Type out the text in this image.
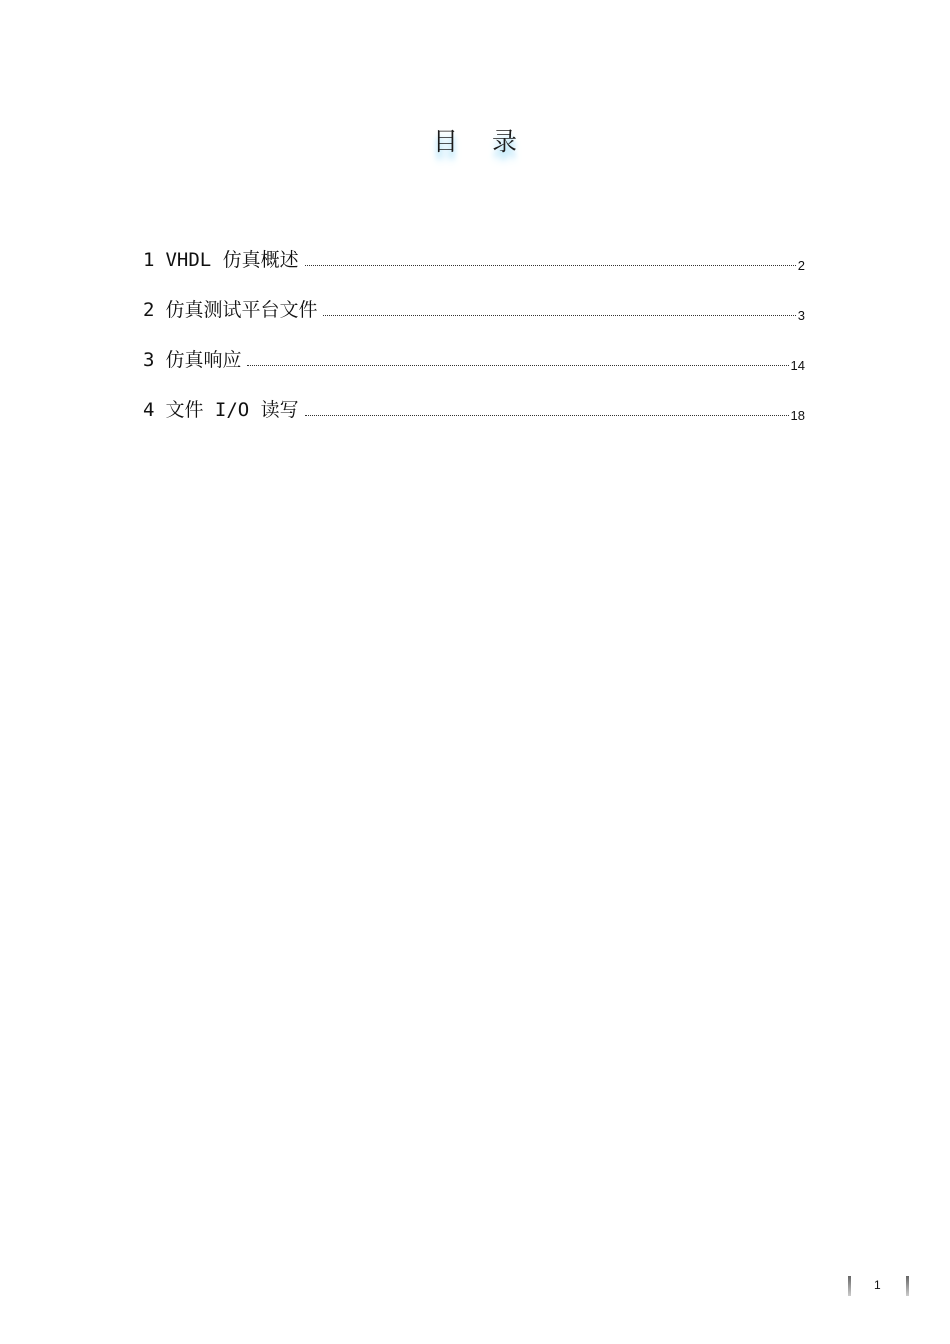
目录
1 VHDL 仿真概述	2
2 仿真测试平台文件	3
3 仿真响应	14
4 文件 I/O 读写	18
1
